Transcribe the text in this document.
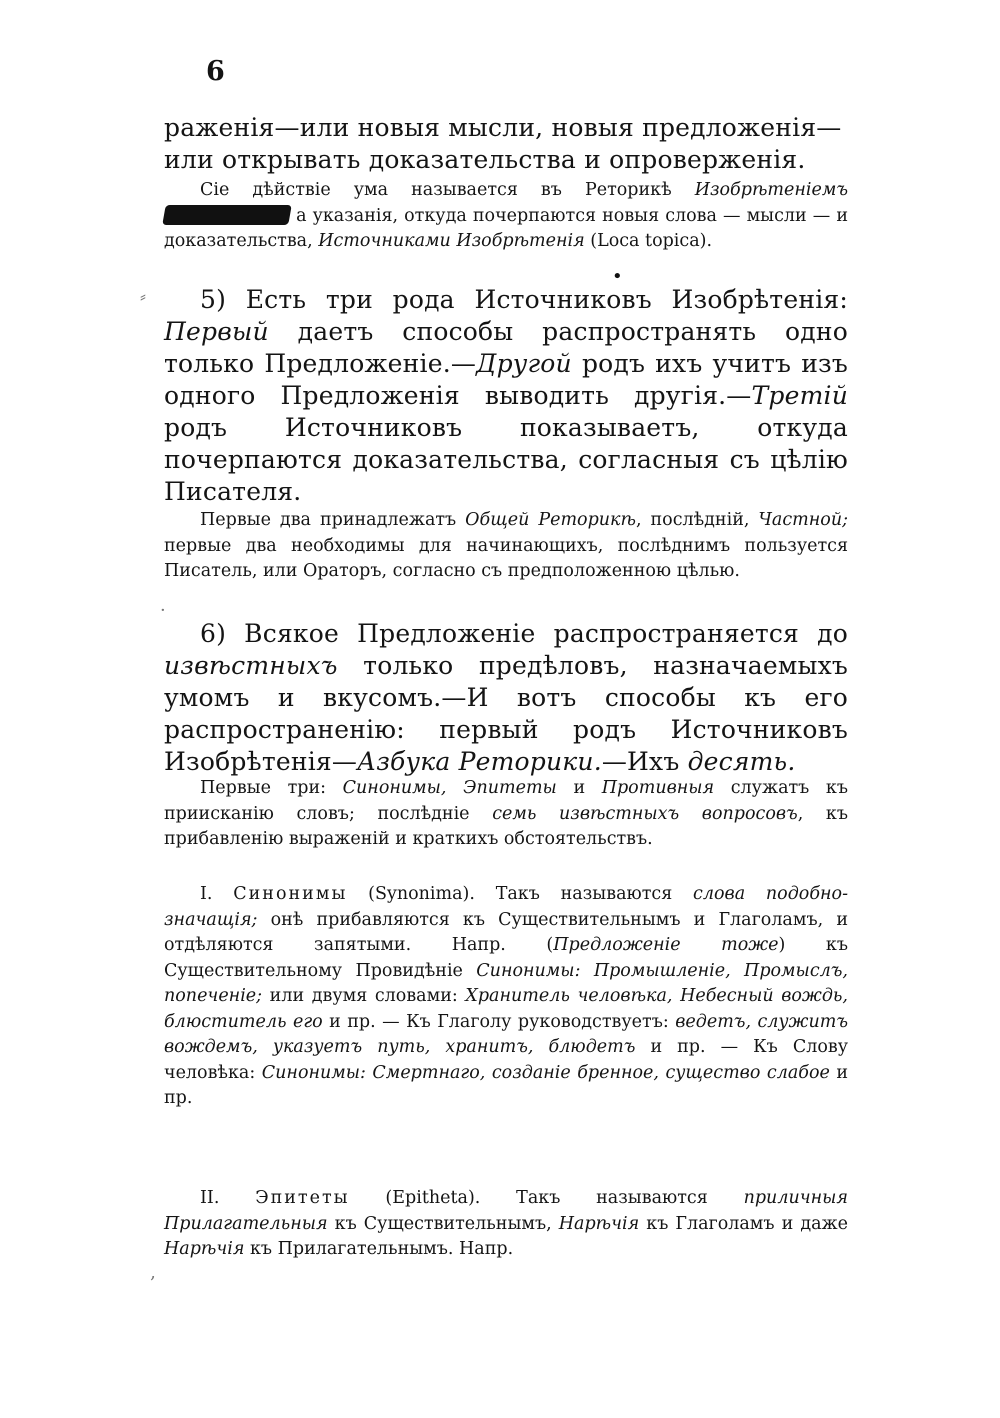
6

⸗
·
•

раженія—или новыя мысли, новыя предложенія—

или открывать доказательства и опроверженія.

Сіе дѣйствіе ума называется въ Реторикѣ Изобрѣтеніемъ а указанія, откуда почерпаются новыя слова — мысли — и доказательства, Источниками Изобрѣтенія (Loca topica).

5) Есть три рода Источниковъ Изобрѣтенія: Первый даетъ способы распространять одно только Предложеніе.—Другой родъ ихъ учитъ изъ одного Предложенія выводить другія.—Третій родъ Источниковъ показываетъ, откуда почерпаются доказательства, согласныя съ цѣлію Писателя.

Первые два принадлежатъ Общей Реторикѣ, послѣдній, Частной; первые два необходимы для начинающихъ, послѣднимъ пользуется Писатель, или Ораторъ, согласно съ предположенною цѣлью.

6) Всякое Предложеніе распространяется до извѣстныхъ только предѣловъ, назначаемыхъ умомъ и вкусомъ.—И вотъ способы къ его распространенію: первый родъ Источниковъ Изобрѣтенія—Азбука Реторики.—Ихъ десять.

Первые три: Синонимы, Эпитеты и Противныя служатъ къ приисканію словъ; послѣдніе семь извѣстныхъ вопросовъ, къ прибавленію выраженій и краткихъ обстоятельствъ.

I. Синонимы (Synonima). Такъ называются слова подобно-значащія; онѣ прибавляются къ Существительнымъ и Глаголамъ, и отдѣляются запятыми. Напр. (Предложеніе тоже) къ Существительному Провидѣніе Синонимы: Промышленіе, Промыслъ, попеченіе; или двумя словами: Хранитель человѣка, Небесный вождь, блюститель его и пр. — Къ Глаголу руководствуетъ: ведетъ, служитъ вождемъ, указуетъ путь, хранитъ, блюдетъ и пр. — Къ Слову человѣка: Синонимы: Смертнаго, созданіе бренное, существо слабое и пр.

II. Эпитеты (Epitheta). Такъ называются приличныя Прилагательныя къ Существительнымъ, Нарѣчія къ Глаголамъ и даже Нарѣчія къ Прилагательнымъ. Напр.

‚
